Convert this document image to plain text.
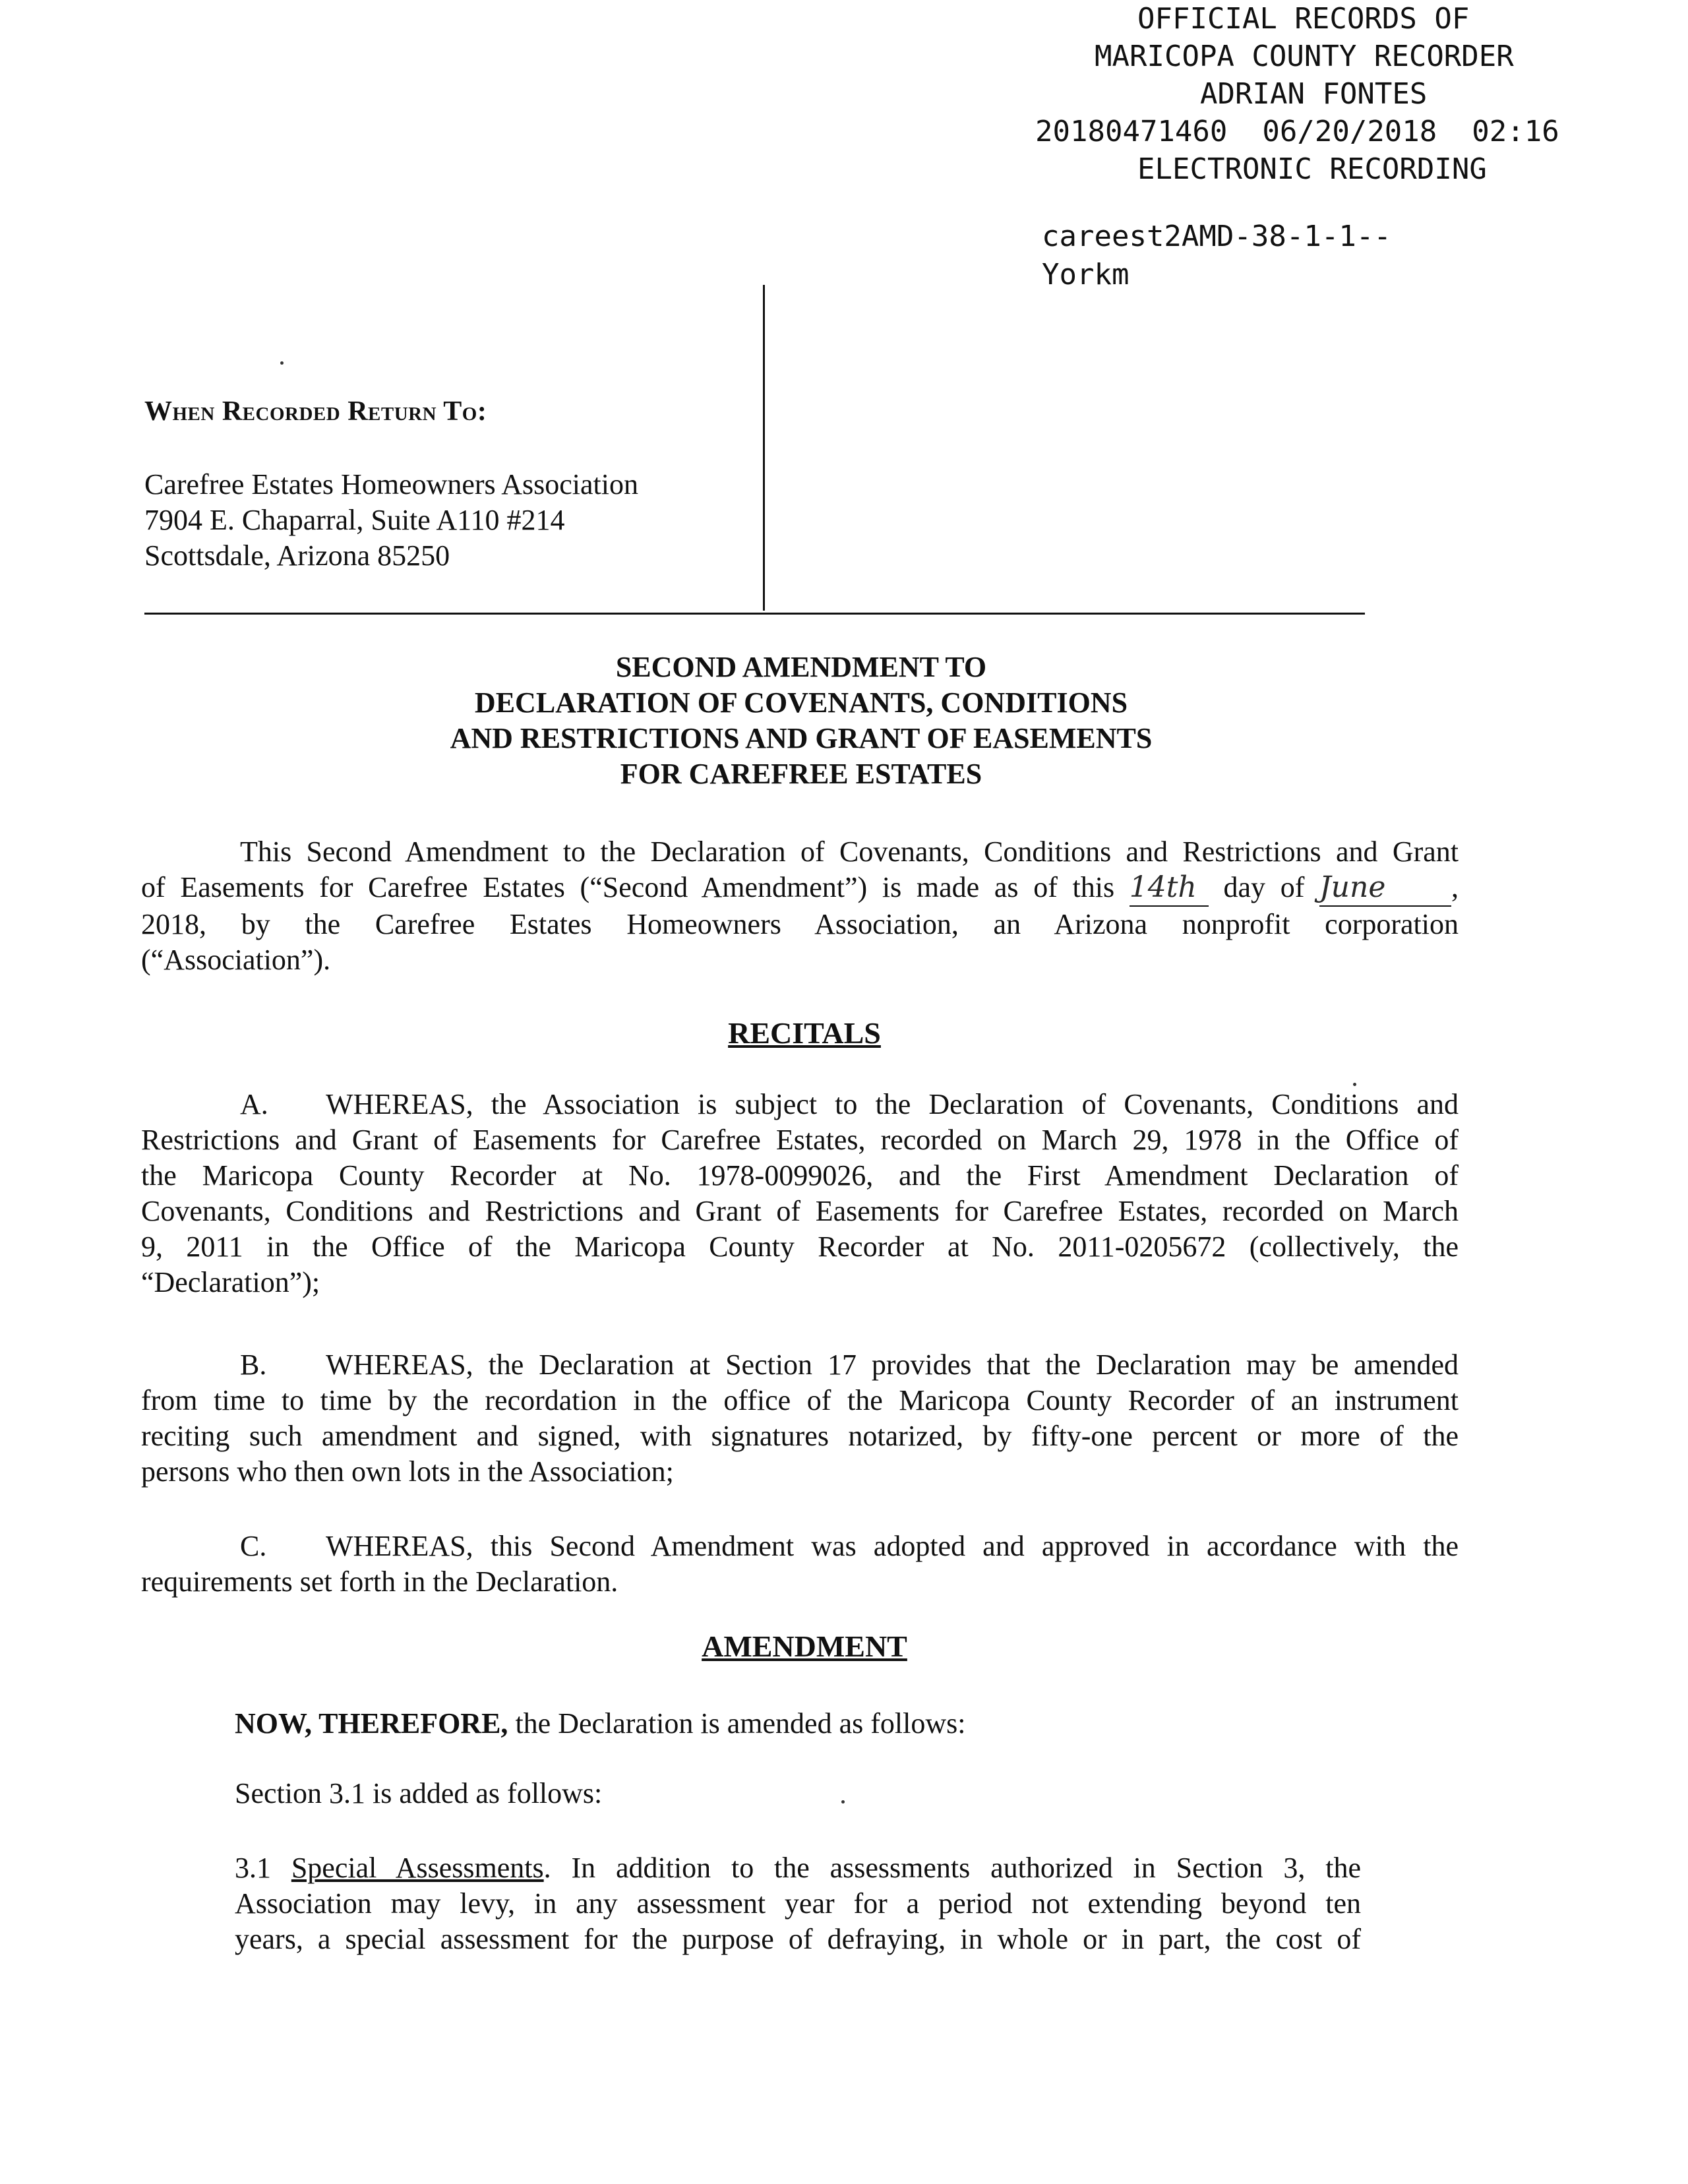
OFFICIAL RECORDS OF
MARICOPA COUNTY RECORDER
ADRIAN FONTES
20180471460  06/20/2018  02:16
ELECTRONIC RECORDING
careest2AMD-38-1-1--
Yorkm
When Recorded Return To:
Carefree Estates Homeowners Association
7904 E. Chaparral, Suite A110 #214
Scottsdale, Arizona 85250
SECOND AMENDMENT TO
DECLARATION OF COVENANTS, CONDITIONS
AND RESTRICTIONS AND GRANT OF EASEMENTS
FOR CAREFREE ESTATES
This Second Amendment to the Declaration of Covenants, Conditions and Restrictions and Grant
of Easements for Carefree Estates (“Second Amendment”) is made as of this 14th day of June ,
2018, by the Carefree Estates Homeowners Association, an Arizona nonprofit corporation
(“Association”).
RECITALS
A. WHEREAS, the Association is subject to the Declaration of Covenants, Conditions and
Restrictions and Grant of Easements for Carefree Estates, recorded on March 29, 1978 in the Office of
the Maricopa County Recorder at No. 1978-0099026, and the First Amendment Declaration of
Covenants, Conditions and Restrictions and Grant of Easements for Carefree Estates, recorded on March
9, 2011 in the Office of the Maricopa County Recorder at No. 2011-0205672 (collectively, the
“Declaration”);
B. WHEREAS, the Declaration at Section 17 provides that the Declaration may be amended
from time to time by the recordation in the office of the Maricopa County Recorder of an instrument
reciting such amendment and signed, with signatures notarized, by fifty-one percent or more of the
persons who then own lots in the Association;
C. WHEREAS, this Second Amendment was adopted and approved in accordance with the
requirements set forth in the Declaration.
AMENDMENT
NOW, THEREFORE, the Declaration is amended as follows:
Section 3.1 is added as follows:
3.1 Special Assessments. In addition to the assessments authorized in Section 3, the
Association may levy, in any assessment year for a period not extending beyond ten
years, a special assessment for the purpose of defraying, in whole or in part, the cost of
